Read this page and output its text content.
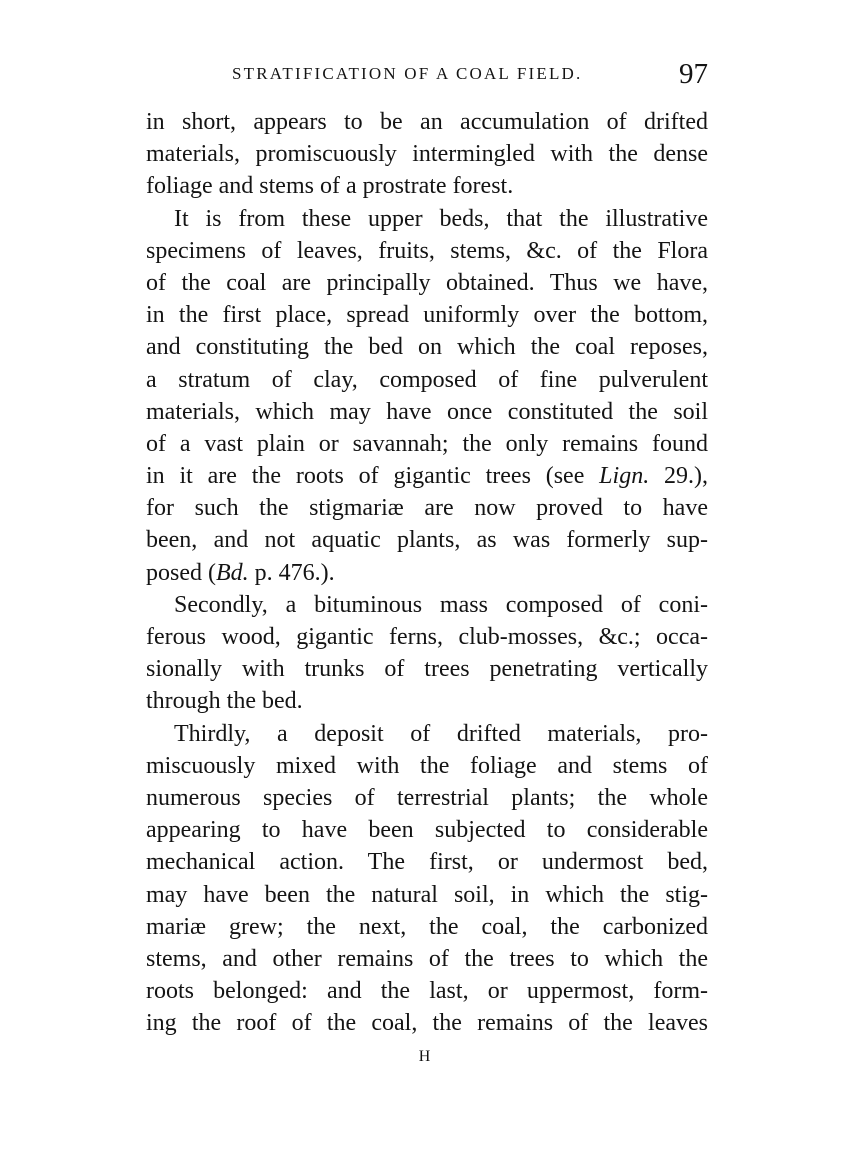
STRATIFICATION OF A COAL FIELD.	97
in short, appears to be an accumulation of drifted
materials, promiscuously intermingled with the dense
foliage and stems of a prostrate forest.
It is from these upper beds, that the illustrative
specimens of leaves, fruits, stems, &c. of the Flora
of the coal are principally obtained. Thus we have,
in the first place, spread uniformly over the bottom,
and constituting the bed on which the coal reposes,
a stratum of clay, composed of fine pulverulent
materials, which may have once constituted the soil
of a vast plain or savannah; the only remains found
in it are the roots of gigantic trees (see Lign. 29.),
for such the stigmariæ are now proved to have
been, and not aquatic plants, as was formerly sup-
posed (Bd. p. 476.).
Secondly, a bituminous mass composed of coni-
ferous wood, gigantic ferns, club-mosses, &c.; occa-
sionally with trunks of trees penetrating vertically
through the bed.
Thirdly, a deposit of drifted materials, pro-
miscuously mixed with the foliage and stems of
numerous species of terrestrial plants; the whole
appearing to have been subjected to considerable
mechanical action. The first, or undermost bed,
may have been the natural soil, in which the stig-
mariæ grew; the next, the coal, the carbonized
stems, and other remains of the trees to which the
roots belonged: and the last, or uppermost, form-
ing the roof of the coal, the remains of the leaves
H
